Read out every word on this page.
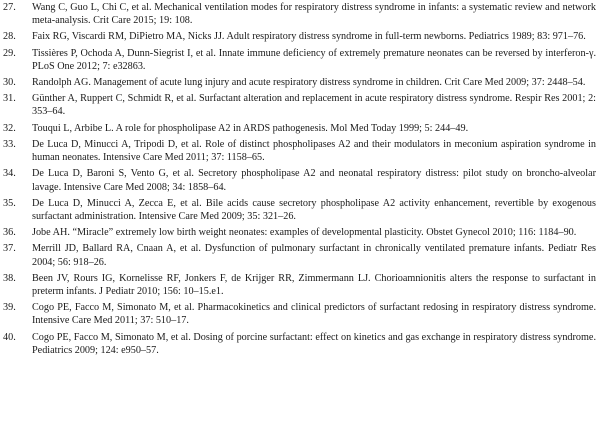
27.	Wang C, Guo L, Chi C, et al. Mechanical ventilation modes for respiratory distress syndrome in infants: a systematic review and network meta-analysis. Crit Care 2015; 19: 108.
28.	Faix RG, Viscardi RM, DiPietro MA, Nicks JJ. Adult respiratory distress syndrome in full-term newborns. Pediatrics 1989; 83: 971–76.
29.	Tissières P, Ochoda A, Dunn-Siegrist I, et al. Innate immune deficiency of extremely premature neonates can be reversed by interferon-γ. PLoS One 2012; 7: e32863.
30.	Randolph AG. Management of acute lung injury and acute respiratory distress syndrome in children. Crit Care Med 2009; 37: 2448–54.
31.	Günther A, Ruppert C, Schmidt R, et al. Surfactant alteration and replacement in acute respiratory distress syndrome. Respir Res 2001; 2: 353–64.
32.	Touqui L, Arbibe L. A role for phospholipase A2 in ARDS pathogenesis. Mol Med Today 1999; 5: 244–49.
33.	De Luca D, Minucci A, Tripodi D, et al. Role of distinct phospholipases A2 and their modulators in meconium aspiration syndrome in human neonates. Intensive Care Med 2011; 37: 1158–65.
34.	De Luca D, Baroni S, Vento G, et al. Secretory phospholipase A2 and neonatal respiratory distress: pilot study on broncho-alveolar lavage. Intensive Care Med 2008; 34: 1858–64.
35.	De Luca D, Minucci A, Zecca E, et al. Bile acids cause secretory phospholipase A2 activity enhancement, revertible by exogenous surfactant administration. Intensive Care Med 2009; 35: 321–26.
36.	Jobe AH. “Miracle” extremely low birth weight neonates: examples of developmental plasticity. Obstet Gynecol 2010; 116: 1184–90.
37.	Merrill JD, Ballard RA, Cnaan A, et al. Dysfunction of pulmonary surfactant in chronically ventilated premature infants. Pediatr Res 2004; 56: 918–26.
38.	Been JV, Rours IG, Kornelisse RF, Jonkers F, de Krijger RR, Zimmermann LJ. Chorioamnionitis alters the response to surfactant in preterm infants. J Pediatr 2010; 156: 10–15.e1.
39.	Cogo PE, Facco M, Simonato M, et al. Pharmacokinetics and clinical predictors of surfactant redosing in respiratory distress syndrome. Intensive Care Med 2011; 37: 510–17.
40.	Cogo PE, Facco M, Simonato M, et al. Dosing of porcine surfactant: effect on kinetics and gas exchange in respiratory distress syndrome. Pediatrics 2009; 124: e950–57.
